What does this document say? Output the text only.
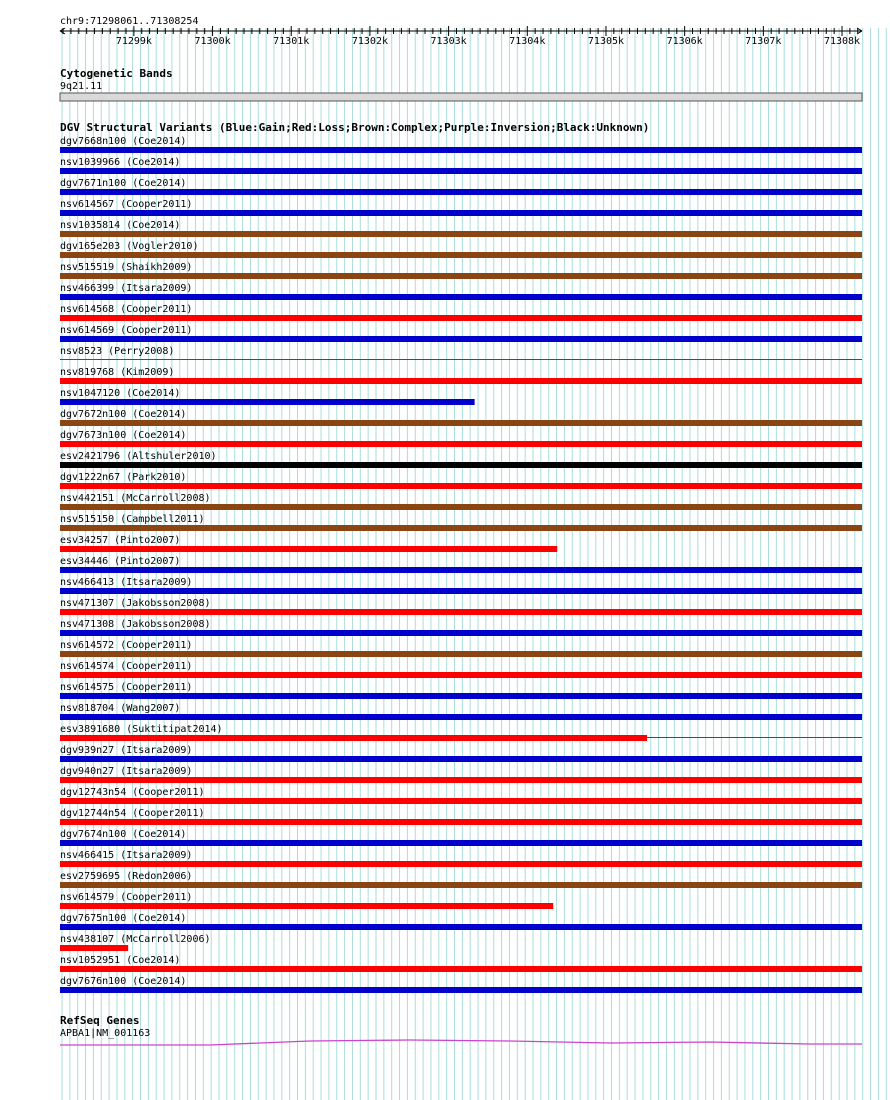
chr9:71298061..71308254
71299k	71300k	71301k	71302k	71303k	71304k	71305k	71306k	71307k	71308k
Cytogenetic Bands
9q21.11
DGV Structural Variants (Blue:Gain;Red:Loss;Brown:Complex;Purple:Inversion;Black:Unknown)
dgv7668n100 (Coe2014)
nsv1039966 (Coe2014)
dgv7671n100 (Coe2014)
nsv614567 (Cooper2011)
nsv1035814 (Coe2014)
dgv165e203 (Vogler2010)
nsv515519 (Shaikh2009)
nsv466399 (Itsara2009)
nsv614568 (Cooper2011)
nsv614569 (Cooper2011)
nsv8523 (Perry2008)
nsv819768 (Kim2009)
nsv1047120 (Coe2014)
dgv7672n100 (Coe2014)
dgv7673n100 (Coe2014)
esv2421796 (Altshuler2010)
dgv1222n67 (Park2010)
nsv442151 (McCarroll2008)
nsv515150 (Campbell2011)
esv34257 (Pinto2007)
esv34446 (Pinto2007)
nsv466413 (Itsara2009)
nsv471307 (Jakobsson2008)
nsv471308 (Jakobsson2008)
nsv614572 (Cooper2011)
nsv614574 (Cooper2011)
nsv614575 (Cooper2011)
nsv818704 (Wang2007)
esv3891680 (Suktitipat2014)
dgv939n27 (Itsara2009)
dgv940n27 (Itsara2009)
dgv12743n54 (Cooper2011)
dgv12744n54 (Cooper2011)
dgv7674n100 (Coe2014)
nsv466415 (Itsara2009)
esv2759695 (Redon2006)
nsv614579 (Cooper2011)
dgv7675n100 (Coe2014)
nsv438107 (McCarroll2006)
nsv1052951 (Coe2014)
dgv7676n100 (Coe2014)
RefSeq Genes
APBA1|NM_001163
